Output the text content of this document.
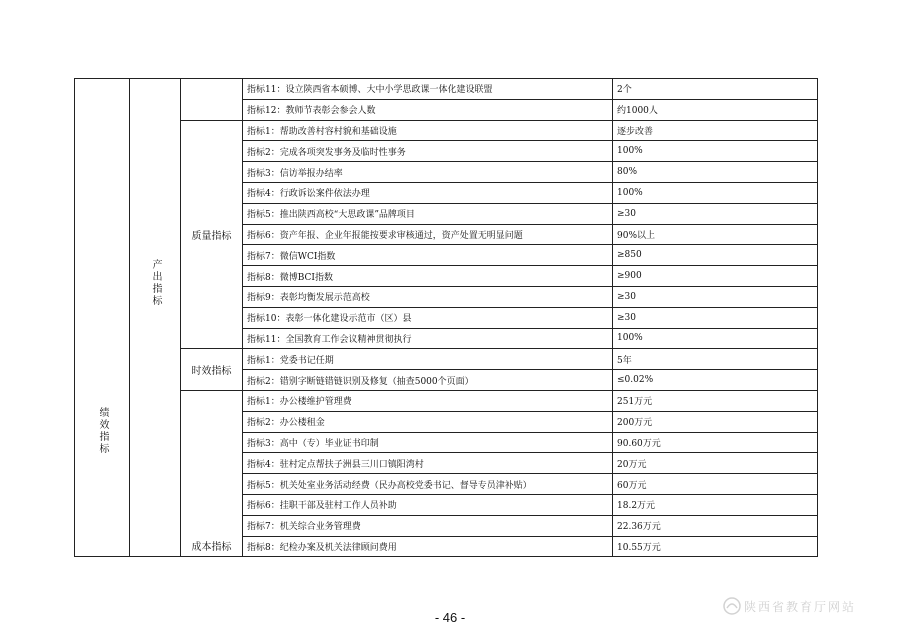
绩效指标	产出指标		指标11：设立陕西省本硕博、大中小学思政课一体化建设联盟	2个
			指标12：教师节表彰会参会人数	约1000人
		质量指标	指标1：帮助改善村容村貌和基础设施	逐步改善
			指标2：完成各项突发事务及临时性事务	100%
			指标3：信访举报办结率	80%
			指标4：行政诉讼案件依法办理	100%
			指标5：推出陕西高校“大思政课”品牌项目	≥30
			指标6：资产年报、企业年报能按要求审核通过，资产处置无明显问题	90%以上
			指标7：微信WCI指数	≥850
			指标8：微博BCI指数	≥900
			指标9：表彰均衡发展示范高校	≥30
			指标10：表彰一体化建设示范市（区）县	≥30
			指标11：全国教育工作会议精神贯彻执行	100%
		时效指标	指标1：党委书记任期	5年
			指标2：错别字断链错链识别及修复（抽查5000个页面）	≤0.02%
		成本指标	指标1：办公楼维护管理费	251万元
			指标2：办公楼租金	200万元
			指标3：高中（专）毕业证书印制	90.60万元
			指标4：驻村定点帮扶子洲县三川口镇阳湾村	20万元
			指标5：机关处室业务活动经费（民办高校党委书记、督导专员津补贴）	60万元
			指标6：挂职干部及驻村工作人员补助	18.2万元
			指标7：机关综合业务管理费	22.36万元
			指标8：纪检办案及机关法律顾问费用	10.55万元
- 46 -
陕西省教育厅网站
